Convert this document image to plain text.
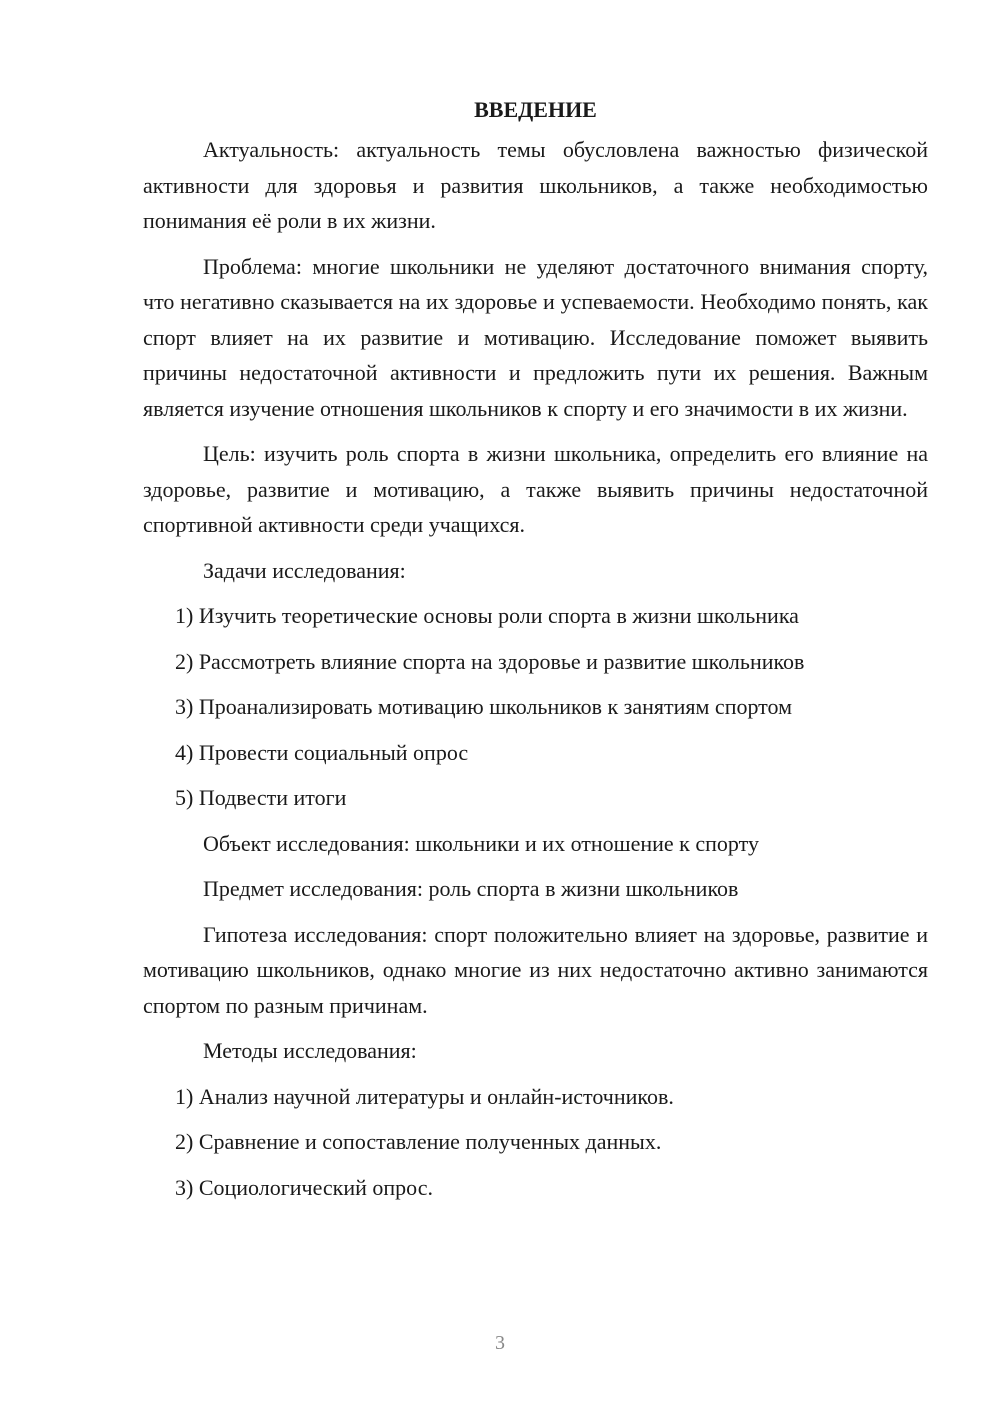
ВВЕДЕНИЕ

Актуальность: актуальность темы обусловлена важностью физической активности для здоровья и развития школьников, а также необходимостью понимания её роли в их жизни.

Проблема: многие школьники не уделяют достаточного внимания спорту, что негативно сказывается на их здоровье и успеваемости. Необходимо понять, как спорт влияет на их развитие и мотивацию. Исследование поможет выявить причины недостаточной активности и предложить пути их решения. Важным является изучение отношения школьников к спорту и его значимости в их жизни.

Цель: изучить роль спорта в жизни школьника, определить его влияние на здоровье, развитие и мотивацию, а также выявить причины недостаточной спортивной активности среди учащихся.

Задачи исследования:

1) Изучить теоретические основы роли спорта в жизни школьника

2) Рассмотреть влияние спорта на здоровье и развитие школьников

3) Проанализировать мотивацию школьников к занятиям спортом

4) Провести социальный опрос

5) Подвести итоги

Объект исследования: школьники и их отношение к спорту

Предмет исследования: роль спорта в жизни школьников

Гипотеза исследования: спорт положительно влияет на здоровье, развитие и мотивацию школьников, однако многие из них недостаточно активно занимаются спортом по разным причинам.

Методы исследования:

1) Анализ научной литературы и онлайн-источников.

2) Сравнение и сопоставление полученных данных.

3) Социологический опрос.

3
